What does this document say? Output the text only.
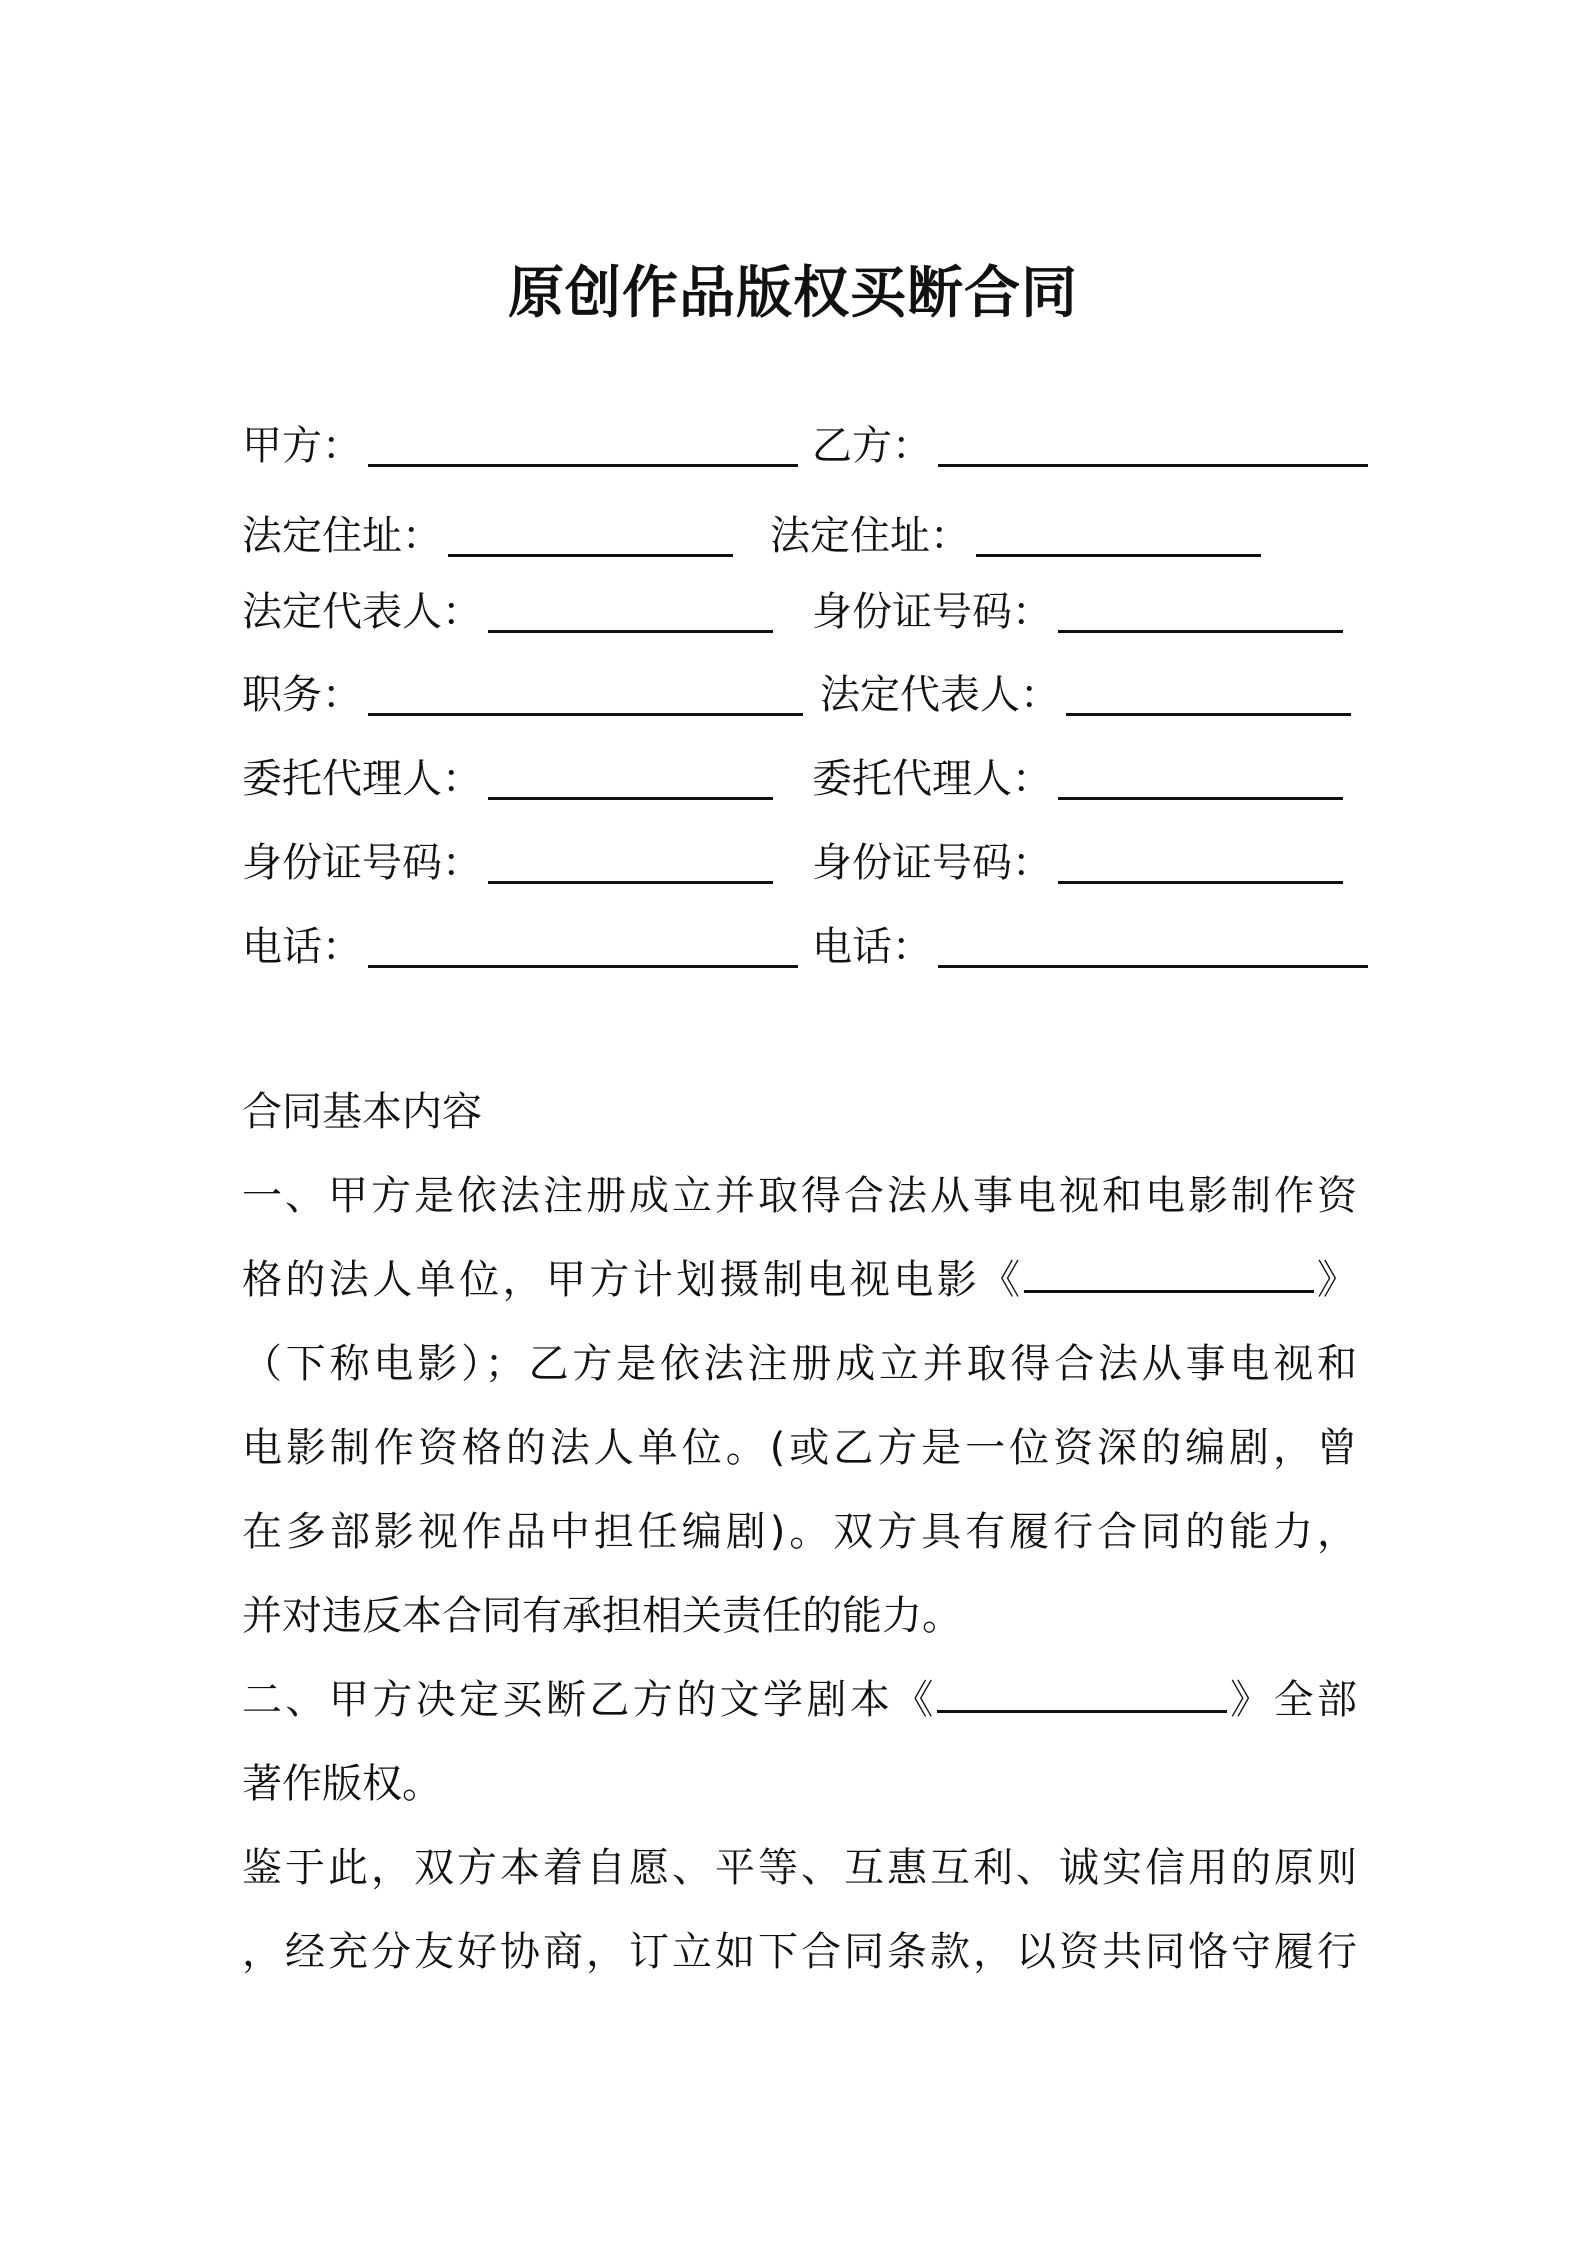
原创作品版权买断合同
甲方：	乙方：
法定住址：	法定住址：
法定代表人：	身份证号码：
职务：	法定代表人：
委托代理人：	委托代理人：
身份证号码：	身份证号码：
电话：	电话：
合同基本内容
一、甲方是依法注册成立并取得合法从事电视和电影制作资
格的法人单位，甲方计划摄制电视电影《	》
（下称电影）；乙方是依法注册成立并取得合法从事电视和
电影制作资格的法人单位。(或乙方是一位资深的编剧，曾
在多部影视作品中担任编剧)。双方具有履行合同的能力，
并对违反本合同有承担相关责任的能力。
二、甲方决定买断乙方的文学剧本《	》全部
著作版权。
鉴于此，双方本着自愿、平等、互惠互利、诚实信用的原则
，经充分友好协商，订立如下合同条款，以资共同恪守履行
